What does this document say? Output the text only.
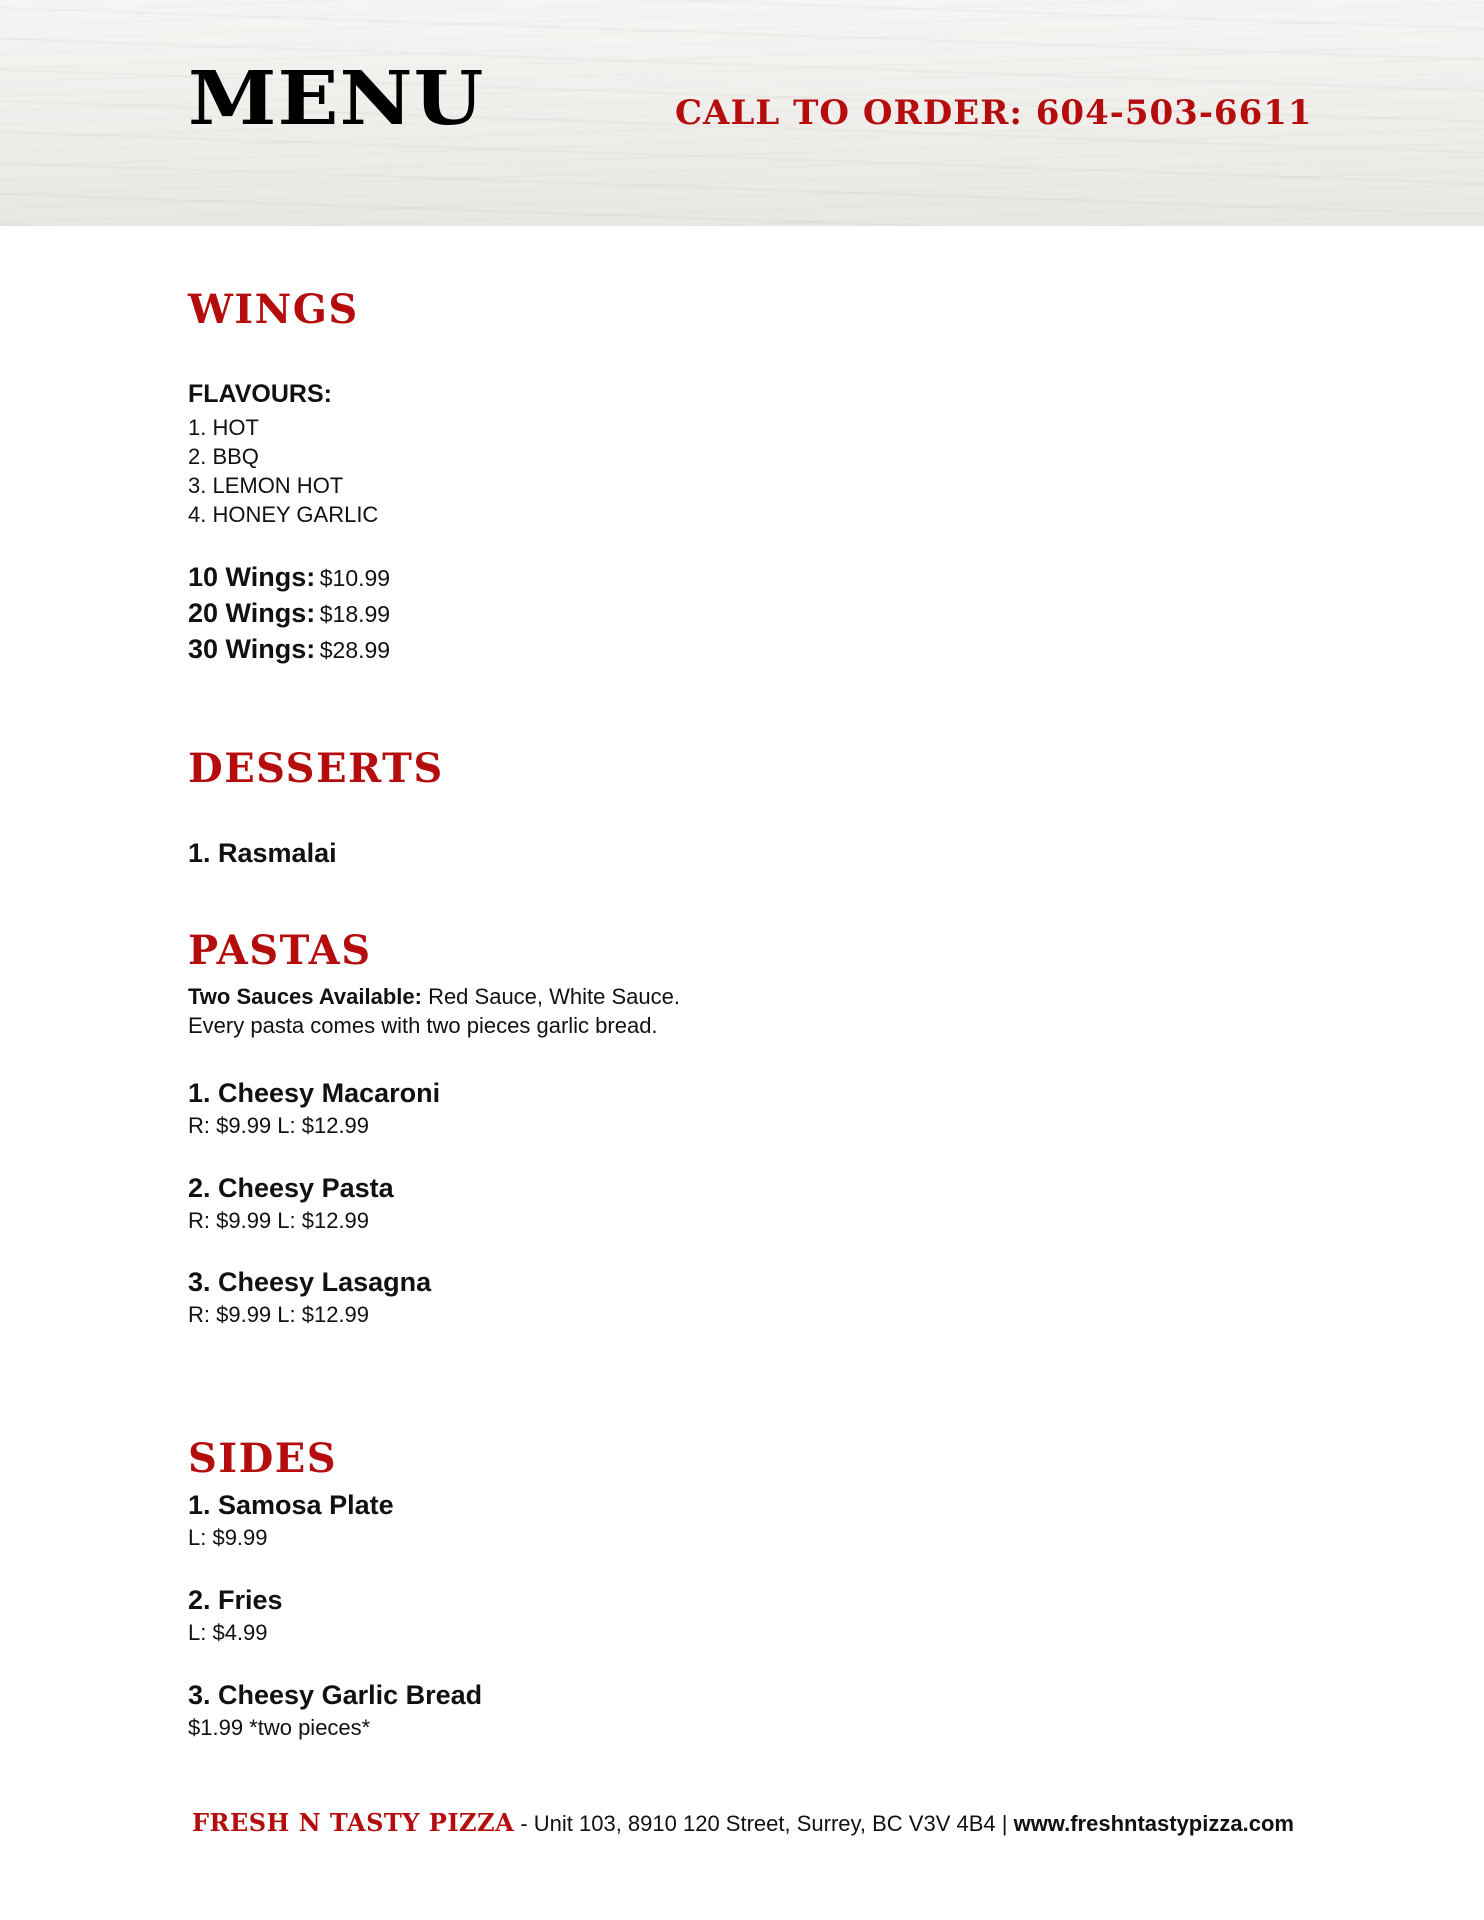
MENU	CALL TO ORDER: 604-503-6611
WINGS
FLAVOURS:
1. HOT
2. BBQ
3. LEMON HOT
4. HONEY GARLIC
10 Wings: $10.99
20 Wings: $18.99
30 Wings: $28.99
DESSERTS
1. Rasmalai
PASTAS
Two Sauces Available: Red Sauce, White Sauce.
Every pasta comes with two pieces garlic bread.
1. Cheesy Macaroni
R: $9.99 L: $12.99
2. Cheesy Pasta
R: $9.99 L: $12.99
3. Cheesy Lasagna
R: $9.99 L: $12.99
SIDES
1. Samosa Plate
L: $9.99
2. Fries
L: $4.99
3. Cheesy Garlic Bread
$1.99 *two pieces*
FRESH N TASTY PIZZA - Unit 103, 8910 120 Street, Surrey, BC V3V 4B4 | www.freshntastypizza.com
